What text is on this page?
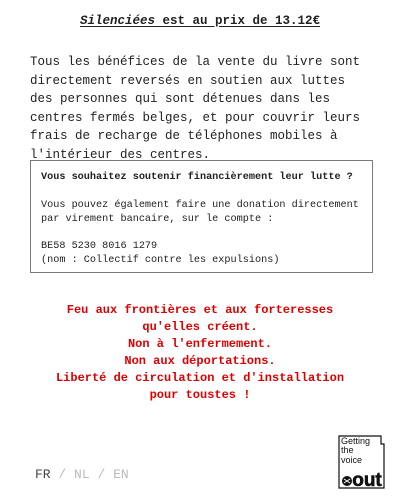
Silenciées est au prix de 13.12€

Tous les bénéfices de la vente du livre sont directement reversés en soutien aux luttes des personnes qui sont détenues dans les centres fermés belges, et pour couvrir leurs frais de recharge de téléphones mobiles à l'intérieur des centres.

Vous souhaitez soutenir financièrement leur lutte ?

Vous pouvez également faire une donation directement par virement bancaire, sur le compte :

BE58 5230 8016 1279

(nom : Collectif contre les expulsions)

Feu aux frontières et aux forteresses
qu'elles créent.
Non à l'enfermement.
Non aux déportations.
Liberté de circulation et d'installation
pour toustes !
FR / NL / EN	out
Getting
the
voice
